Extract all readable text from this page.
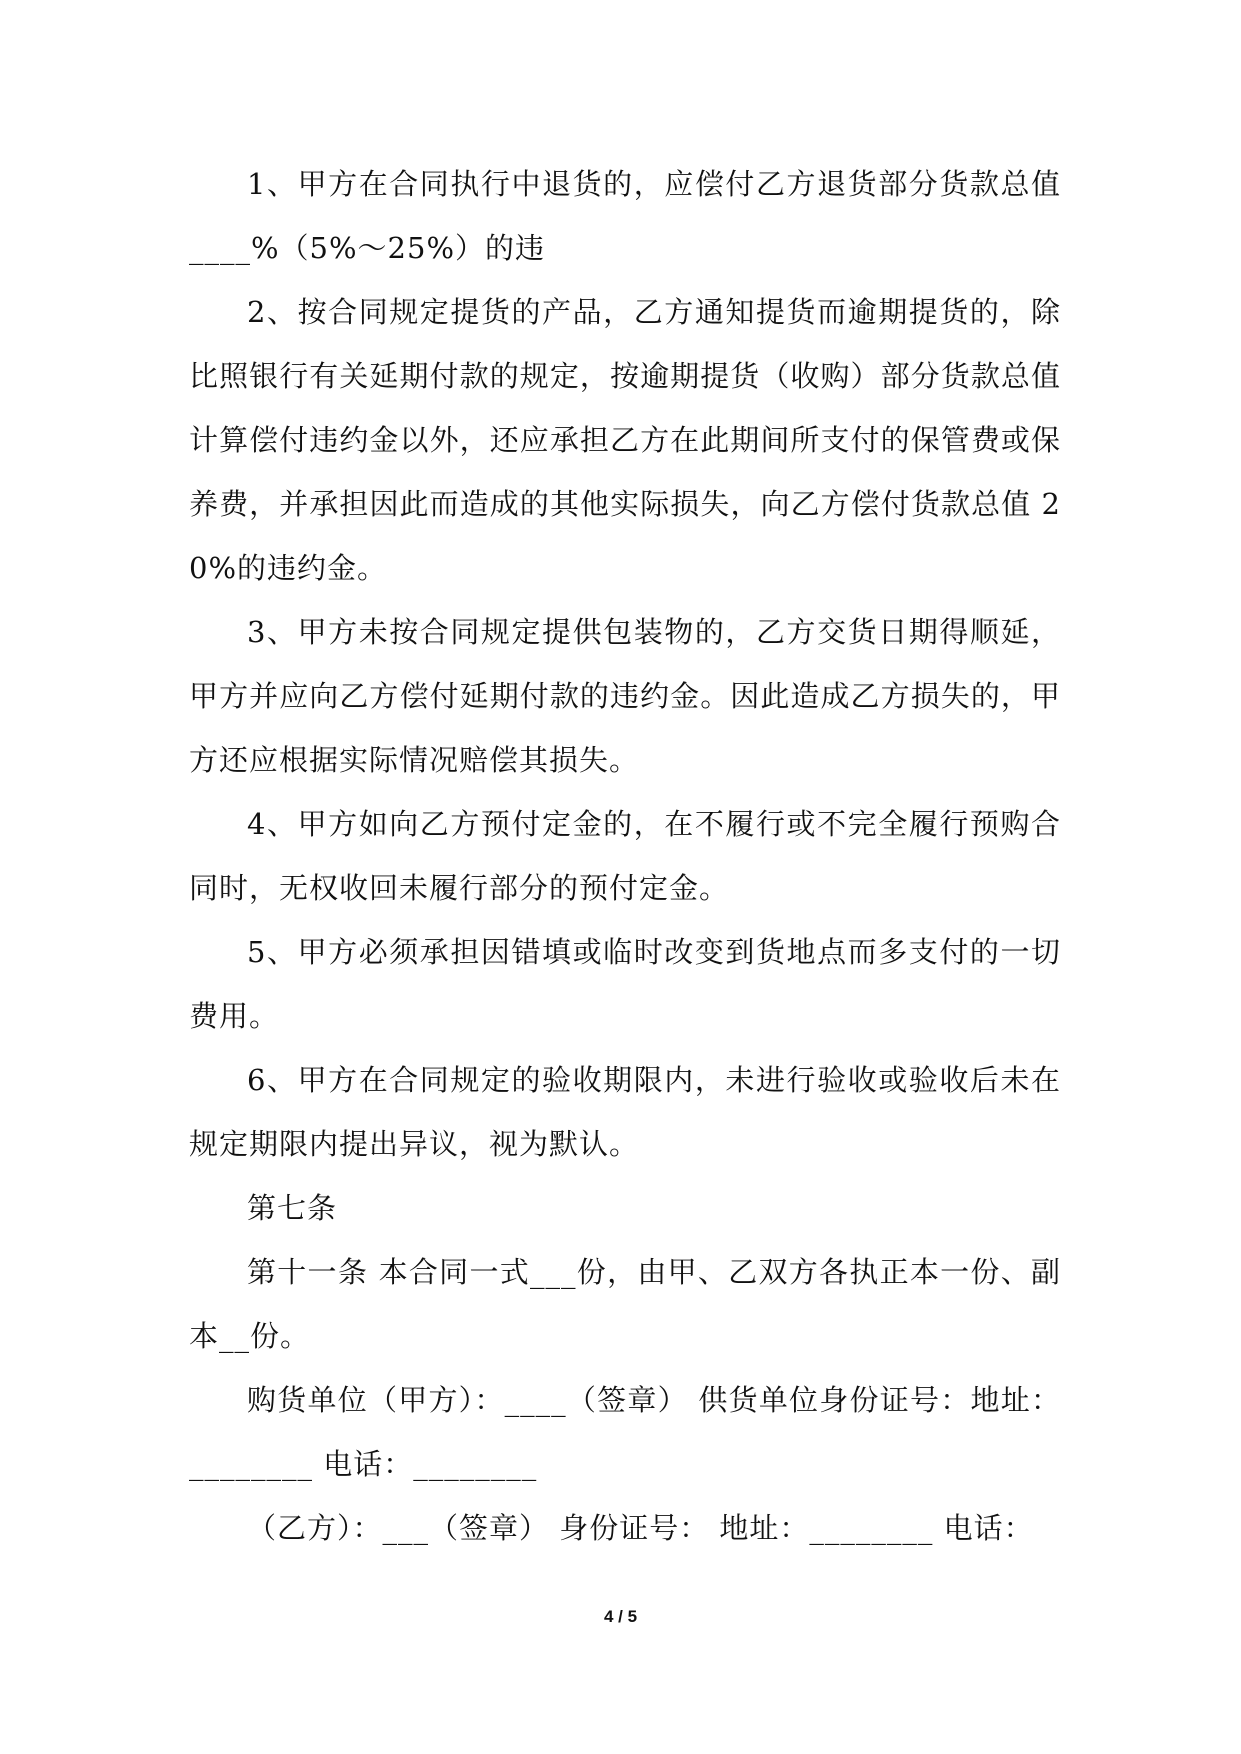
1、甲方在合同执行中退货的，应偿付乙方退货部分货款总值____%（5%～25%）的违

2、按合同规定提货的产品，乙方通知提货而逾期提货的，除比照银行有关延期付款的规定，按逾期提货（收购）部分货款总值计算偿付违约金以外，还应承担乙方在此期间所支付的保管费或保养费，并承担因此而造成的其他实际损失，向乙方偿付货款总值 20%的违约金。

3、甲方未按合同规定提供包装物的，乙方交货日期得顺延，甲方并应向乙方偿付延期付款的违约金。因此造成乙方损失的，甲方还应根据实际情况赔偿其损失。

4、甲方如向乙方预付定金的，在不履行或不完全履行预购合同时，无权收回未履行部分的预付定金。

5、甲方必须承担因错填或临时改变到货地点而多支付的一切费用。

6、甲方在合同规定的验收期限内，未进行验收或验收后未在规定期限内提出异议，视为默认。

第七条

第十一条 本合同一式___份，由甲、乙双方各执正本一份、副本__份。

购货单位（甲方）：____（签章） 供货单位身份证号：地址：________ 电话：________

（乙方）：___（签章） 身份证号： 地址：________ 电话：

4 / 5
